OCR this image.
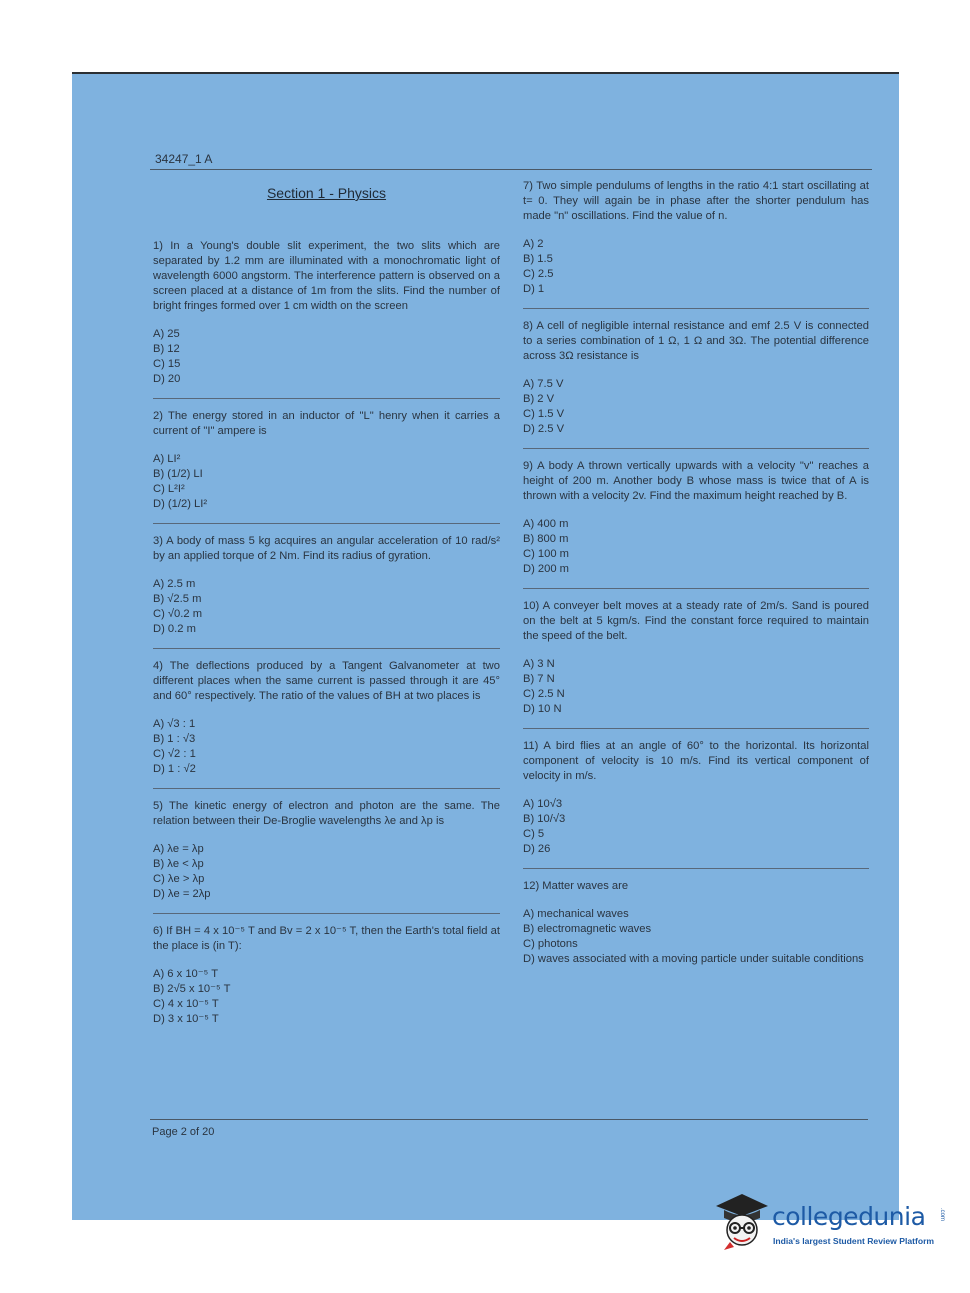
34247_1 A
Section 1 - Physics

1) In a Young's double slit experiment, the two slits which are separated by 1.2 mm are illuminated with a monochromatic light of wavelength 6000 angstorm. The interference pattern is observed on a screen placed at a distance of 1m from the slits. Find the number of bright fringes formed over 1 cm width on the screen

A) 25
B) 12
C) 15
D) 20

2) The energy stored in an inductor of "L" henry when it carries a current of "I" ampere is

A) LI²
B) (1/2) LI
C) L²I²
D) (1/2) LI²

3) A body of mass 5 kg acquires an angular acceleration of 10 rad/s² by an applied torque of 2 Nm. Find its radius of gyration.

A) 2.5 m
B) √2.5 m
C) √0.2 m
D) 0.2 m

4) The deflections produced by a Tangent Galvanometer at two different places when the same current is passed through it are 45° and 60° respectively. The ratio of the values of BH at two places is

A) √3 : 1
B) 1 : √3
C) √2 : 1
D) 1 : √2

5) The kinetic energy of electron and photon are the same. The relation between their De-Broglie wavelengths λe and λp is

A) λe = λp
B) λe < λp
C) λe > λp
D) λe = 2λp

6) If BH = 4 x 10⁻⁵ T and Bv = 2 x 10⁻⁵ T, then the Earth's total field at the place is (in T):

A) 6 x 10⁻⁵ T
B) 2√5 x 10⁻⁵ T
C) 4 x 10⁻⁵ T
D) 3 x 10⁻⁵ T

7) Two simple pendulums of lengths in the ratio 4:1 start oscillating at t= 0. They will again be in phase after the shorter pendulum has made "n" oscillations. Find the value of n.

A) 2
B) 1.5
C) 2.5
D) 1

8) A cell of negligible internal resistance and emf 2.5 V is connected to a series combination of 1 Ω, 1 Ω and 3Ω. The potential difference across 3Ω resistance is

A) 7.5 V
B) 2 V
C) 1.5 V
D) 2.5 V

9) A body A thrown vertically upwards with a velocity "v" reaches a height of 200 m. Another body B whose mass is twice that of A is thrown with a velocity 2v. Find the maximum height reached by B.

A) 400 m
B) 800 m
C) 100 m
D) 200 m

10) A conveyer belt moves at a steady rate of 2m/s. Sand is poured on the belt at 5 kgm/s. Find the constant force required to maintain the speed of the belt.

A) 3 N
B) 7 N
C) 2.5 N
D) 10 N

11) A bird flies at an angle of 60° to the horizontal. Its horizontal component of velocity is 10 m/s. Find its vertical component of velocity in m/s.

A) 10√3
B) 10/√3
C) 5
D) 26

12) Matter waves are

A) mechanical waves
B) electromagnetic waves
C) photons
D) waves associated with a moving particle under suitable conditions
Page 2 of 20
collegedunia .com
India's largest Student Review Platform
